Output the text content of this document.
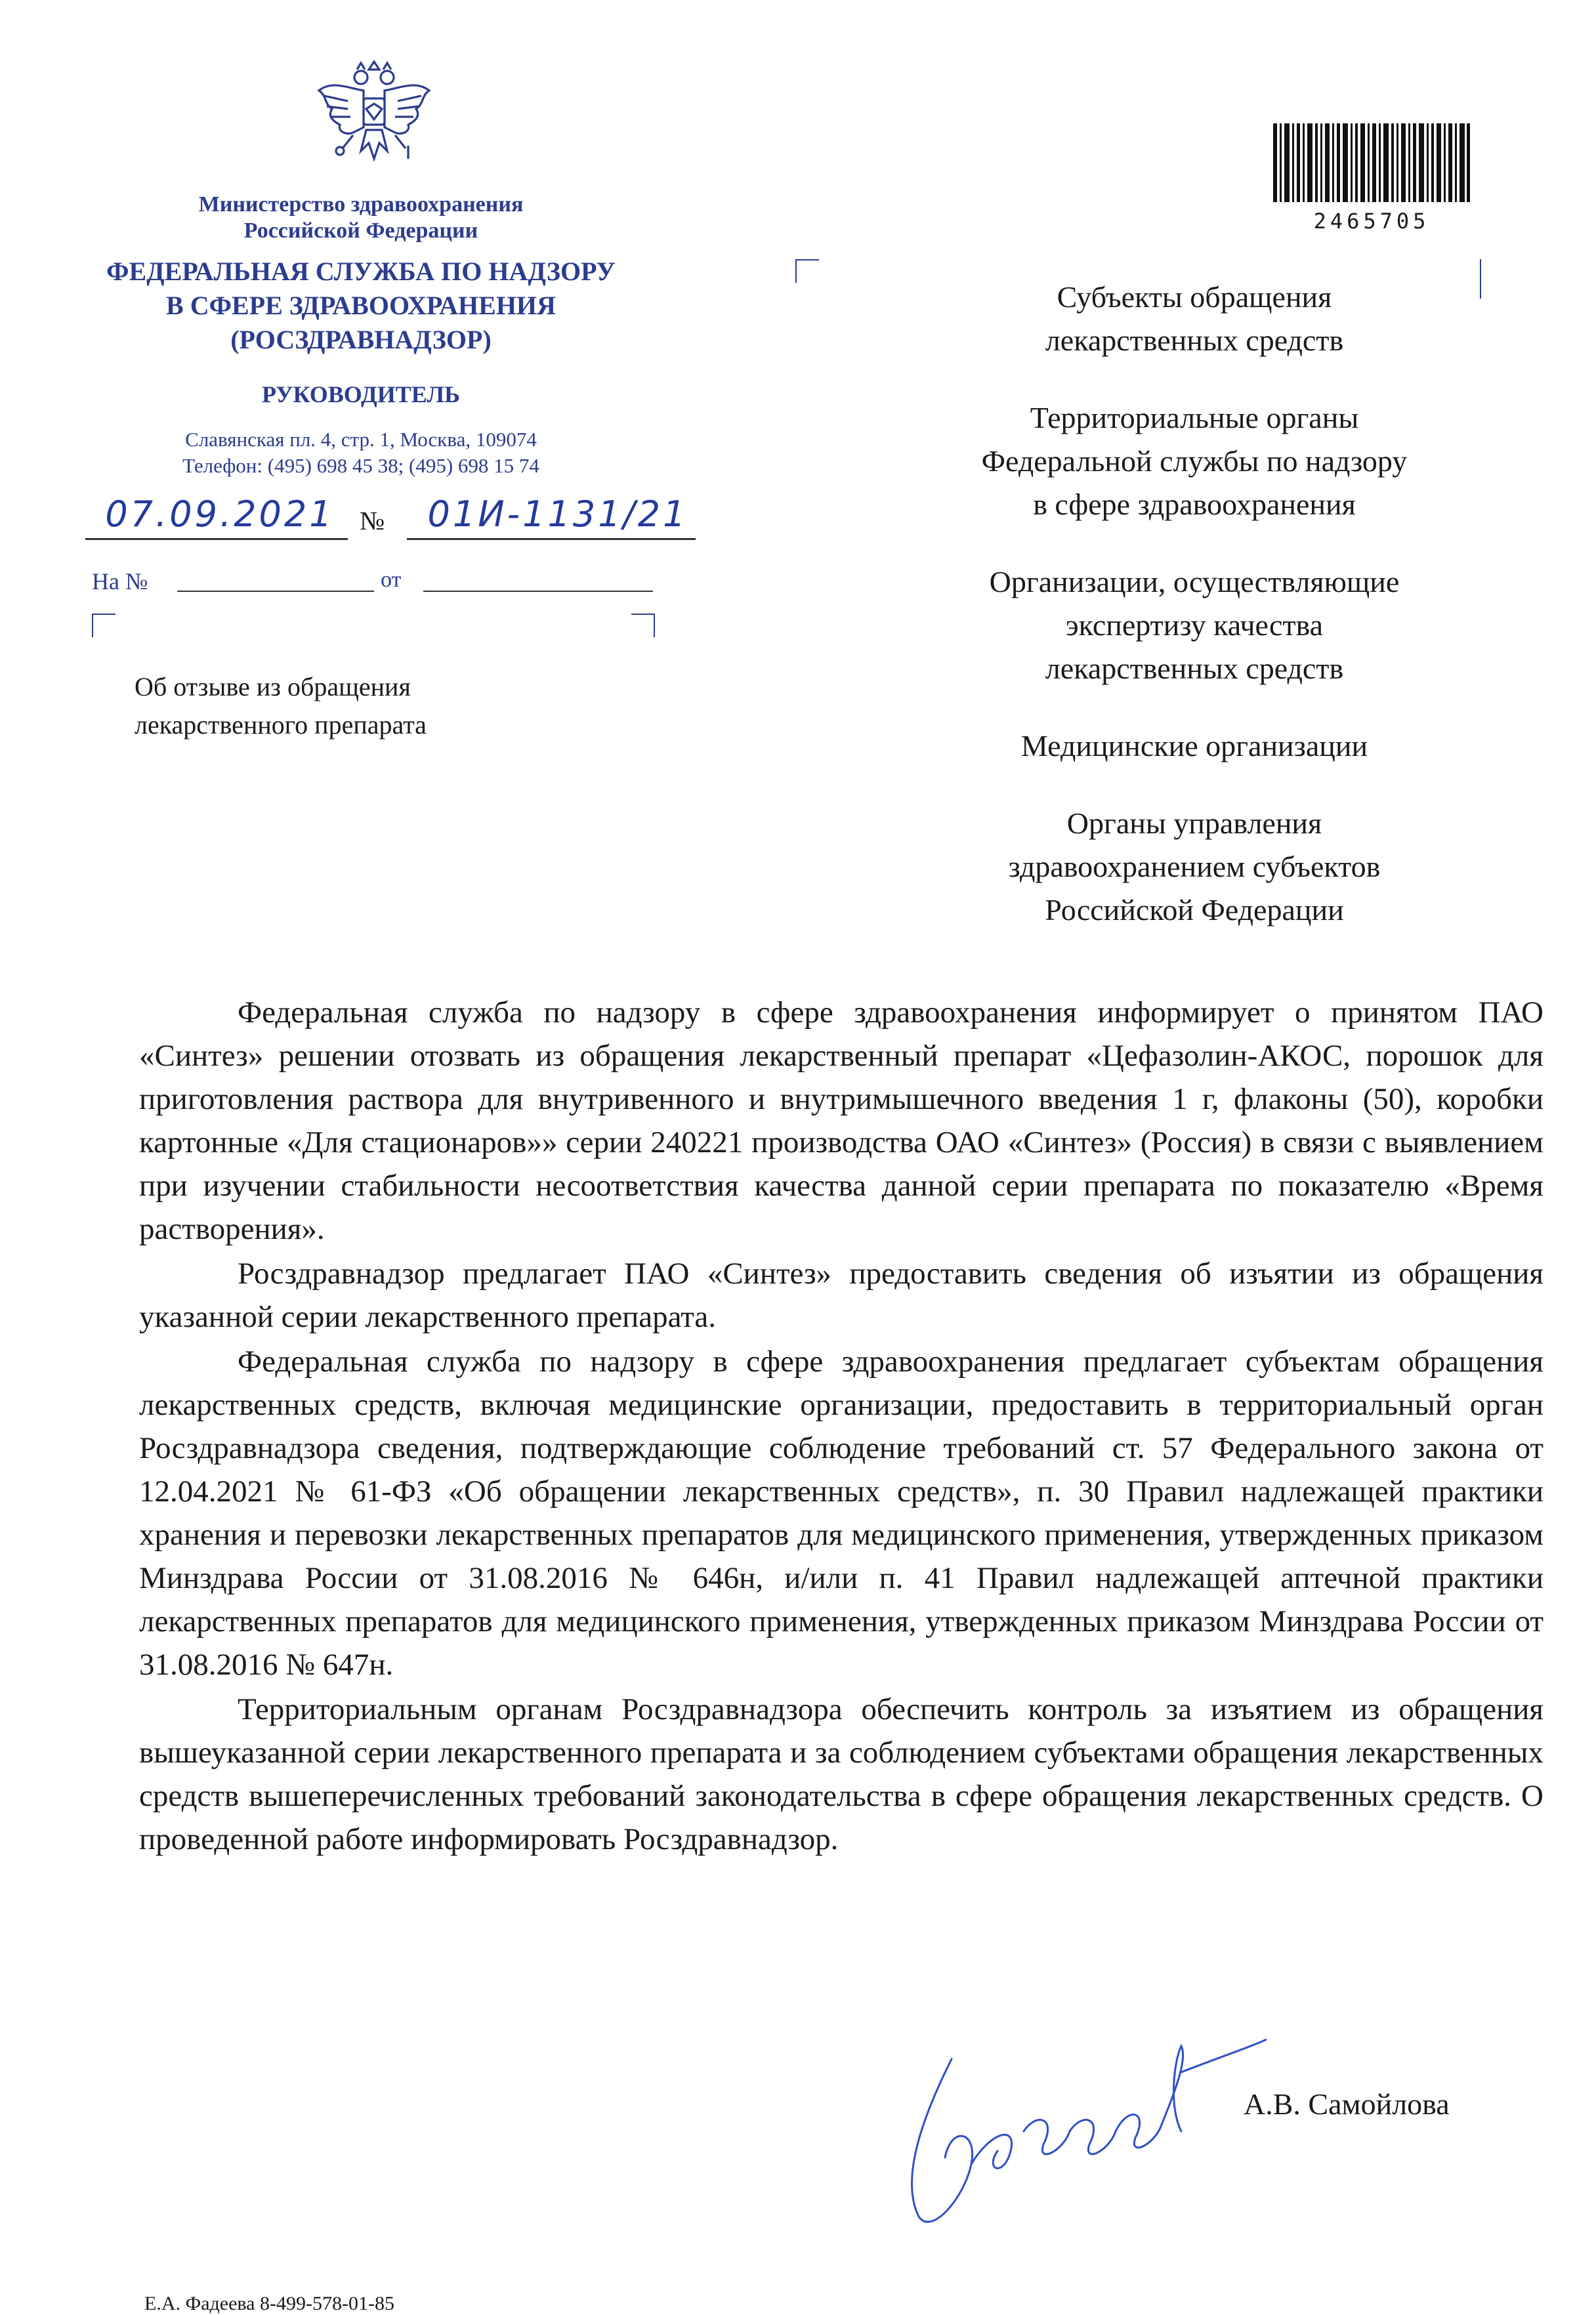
Министерство здравоохранения
Российской Федерации
ФЕДЕРАЛЬНАЯ СЛУЖБА ПО НАДЗОРУ
В СФЕРЕ ЗДРАВООХРАНЕНИЯ
(РОСЗДРАВНАДЗОР)
РУКОВОДИТЕЛЬ
Славянская пл. 4, стр. 1, Москва, 109074
Телефон: (495) 698 45 38; (495) 698 15 74
07.09.2021 № 01И-1131/21
На №	от
Об отзыве из обращения
лекарственного препарата
2465705
Субъекты обращения
лекарственных средств
Территориальные органы
Федеральной службы по надзору
в сфере здравоохранения
Организации, осуществляющие
экспертизу качества
лекарственных средств
Медицинские организации
Органы управления
здравоохранением субъектов
Российской Федерации

Федеральная служба по надзору в сфере здравоохранения информирует о принятом ПАО «Синтез» решении отозвать из обращения лекарственный препарат «Цефазолин-АКОС, порошок для приготовления раствора для внутривенного и внутримышечного введения 1 г, флаконы (50), коробки картонные «Для стационаров»» серии 240221 производства ОАО «Синтез» (Россия) в связи с выявлением при изучении стабильности несоответствия качества данной серии препарата по показателю «Время растворения».

Росздравнадзор предлагает ПАО «Синтез» предоставить сведения об изъятии из обращения указанной серии лекарственного препарата.

Федеральная служба по надзору в сфере здравоохранения предлагает субъектам обращения лекарственных средств, включая медицинские организации, предоставить в территориальный орган Росздравнадзора сведения, подтверждающие соблюдение требований ст. 57 Федерального закона от 12.04.2021 № 61-ФЗ «Об обращении лекарственных средств», п. 30 Правил надлежащей практики хранения и перевозки лекарственных препаратов для медицинского применения, утвержденных приказом Минздрава России от 31.08.2016 № 646н, и/или п. 41 Правил надлежащей аптечной практики лекарственных препаратов для медицинского применения, утвержденных приказом Минздрава России от 31.08.2016 № 647н.

Территориальным органам Росздравнадзора обеспечить контроль за изъятием из обращения вышеуказанной серии лекарственного препарата и за соблюдением субъектами обращения лекарственных средств вышеперечисленных требований законодательства в сфере обращения лекарственных средств. О проведенной работе информировать Росздравнадзор.

А.В. Самойлова
Е.А. Фадеева 8-499-578-01-85
